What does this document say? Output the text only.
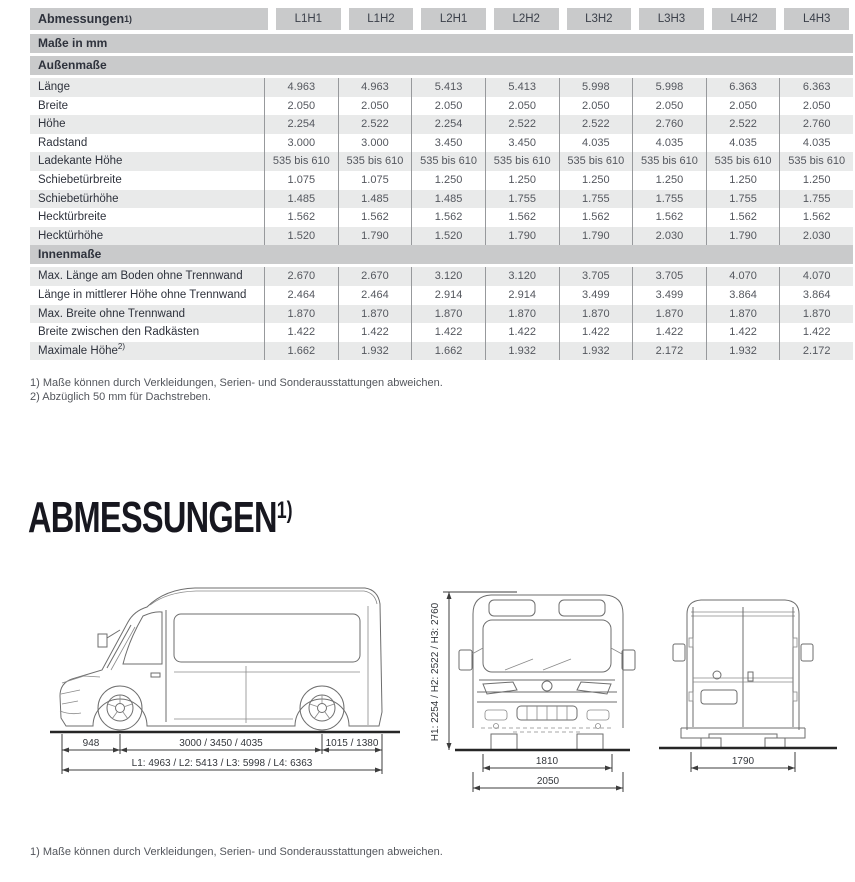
Abmessungen 1)	L1H1	L1H2	L2H1	L2H2	L3H2	L3H3	L4H2	L4H3
Maße in mm
Außenmaße
Länge	4.963	4.963	5.413	5.413	5.998	5.998	6.363	6.363
Breite	2.050	2.050	2.050	2.050	2.050	2.050	2.050	2.050
Höhe	2.254	2.522	2.254	2.522	2.522	2.760	2.522	2.760
Radstand	3.000	3.000	3.450	3.450	4.035	4.035	4.035	4.035
Ladekante Höhe	535 bis 610	535 bis 610	535 bis 610	535 bis 610	535 bis 610	535 bis 610	535 bis 610	535 bis 610
Schiebetürbreite	1.075	1.075	1.250	1.250	1.250	1.250	1.250	1.250
Schiebetürhöhe	1.485	1.485	1.485	1.755	1.755	1.755	1.755	1.755
Hecktürbreite	1.562	1.562	1.562	1.562	1.562	1.562	1.562	1.562
Hecktürhöhe	1.520	1.790	1.520	1.790	1.790	2.030	1.790	2.030
Innenmaße
Max. Länge am Boden ohne Trennwand	2.670	2.670	3.120	3.120	3.705	3.705	4.070	4.070
Länge in mittlerer Höhe ohne Trennwand	2.464	2.464	2.914	2.914	3.499	3.499	3.864	3.864
Max. Breite ohne Trennwand	1.870	1.870	1.870	1.870	1.870	1.870	1.870	1.870
Breite zwischen den Radkästen	1.422	1.422	1.422	1.422	1.422	1.422	1.422	1.422
Maximale Höhe$^{2)}$	1.662	1.932	1.662	1.932	1.932	2.172	1.932	2.172
1) Maße können durch Verkleidungen, Serien- und Sonderausstattungen abweichen.
2) Abzüglich 50 mm für Dachstreben.
ABMESSUNGEN$^{1)}$
948	3000 / 3450 / 4035	1015 / 1380
L1: 4963 / L2: 5413 / L3: 5998 / L4: 6363
H1: 2254 / H2: 2522 / H3: 2760
1810
2050
1790
1) Maße können durch Verkleidungen, Serien- und Sonderausstattungen abweichen.
